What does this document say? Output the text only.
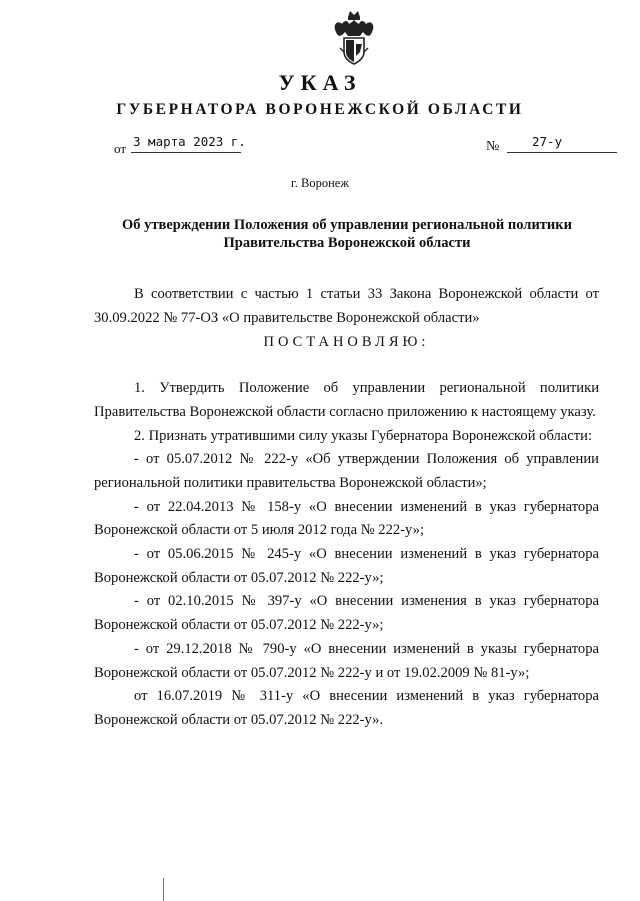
УКАЗ
ГУБЕРНАТОРА ВОРОНЕЖСКОЙ ОБЛАСТИ
от 3 марта 2023 г.	№	27-у
г. Воронеж
Об утверждении Положения об управлении региональной политики
Правительства Воронежской области

В соответствии с частью 1 статьи 33 Закона Воронежской области от 30.09.2022 № 77-ОЗ «О правительстве Воронежской области»

ПОСТАНОВЛЯЮ:

1. Утвердить Положение об управлении региональной политики Правительства Воронежской области согласно приложению к настоящему указу.

2. Признать утратившими силу указы Губернатора Воронежской области:

- от 05.07.2012 № 222-у «Об утверждении Положения об управлении региональной политики правительства Воронежской области»;

- от 22.04.2013 № 158-у «О внесении изменений в указ губернатора Воронежской области от 5 июля 2012 года № 222-у»;

- от 05.06.2015 № 245-у «О внесении изменений в указ губернатора Воронежской области от 05.07.2012 № 222-у»;

- от 02.10.2015 № 397-у «О внесении изменения в указ губернатора Воронежской области от 05.07.2012 № 222-у»;

- от 29.12.2018 № 790-у «О внесении изменений в указы губернатора Воронежской области от 05.07.2012 № 222-у и от 19.02.2009 № 81-у»;

от 16.07.2019 № 311-у «О внесении изменений в указ губернатора Воронежской области от 05.07.2012 № 222-у».
